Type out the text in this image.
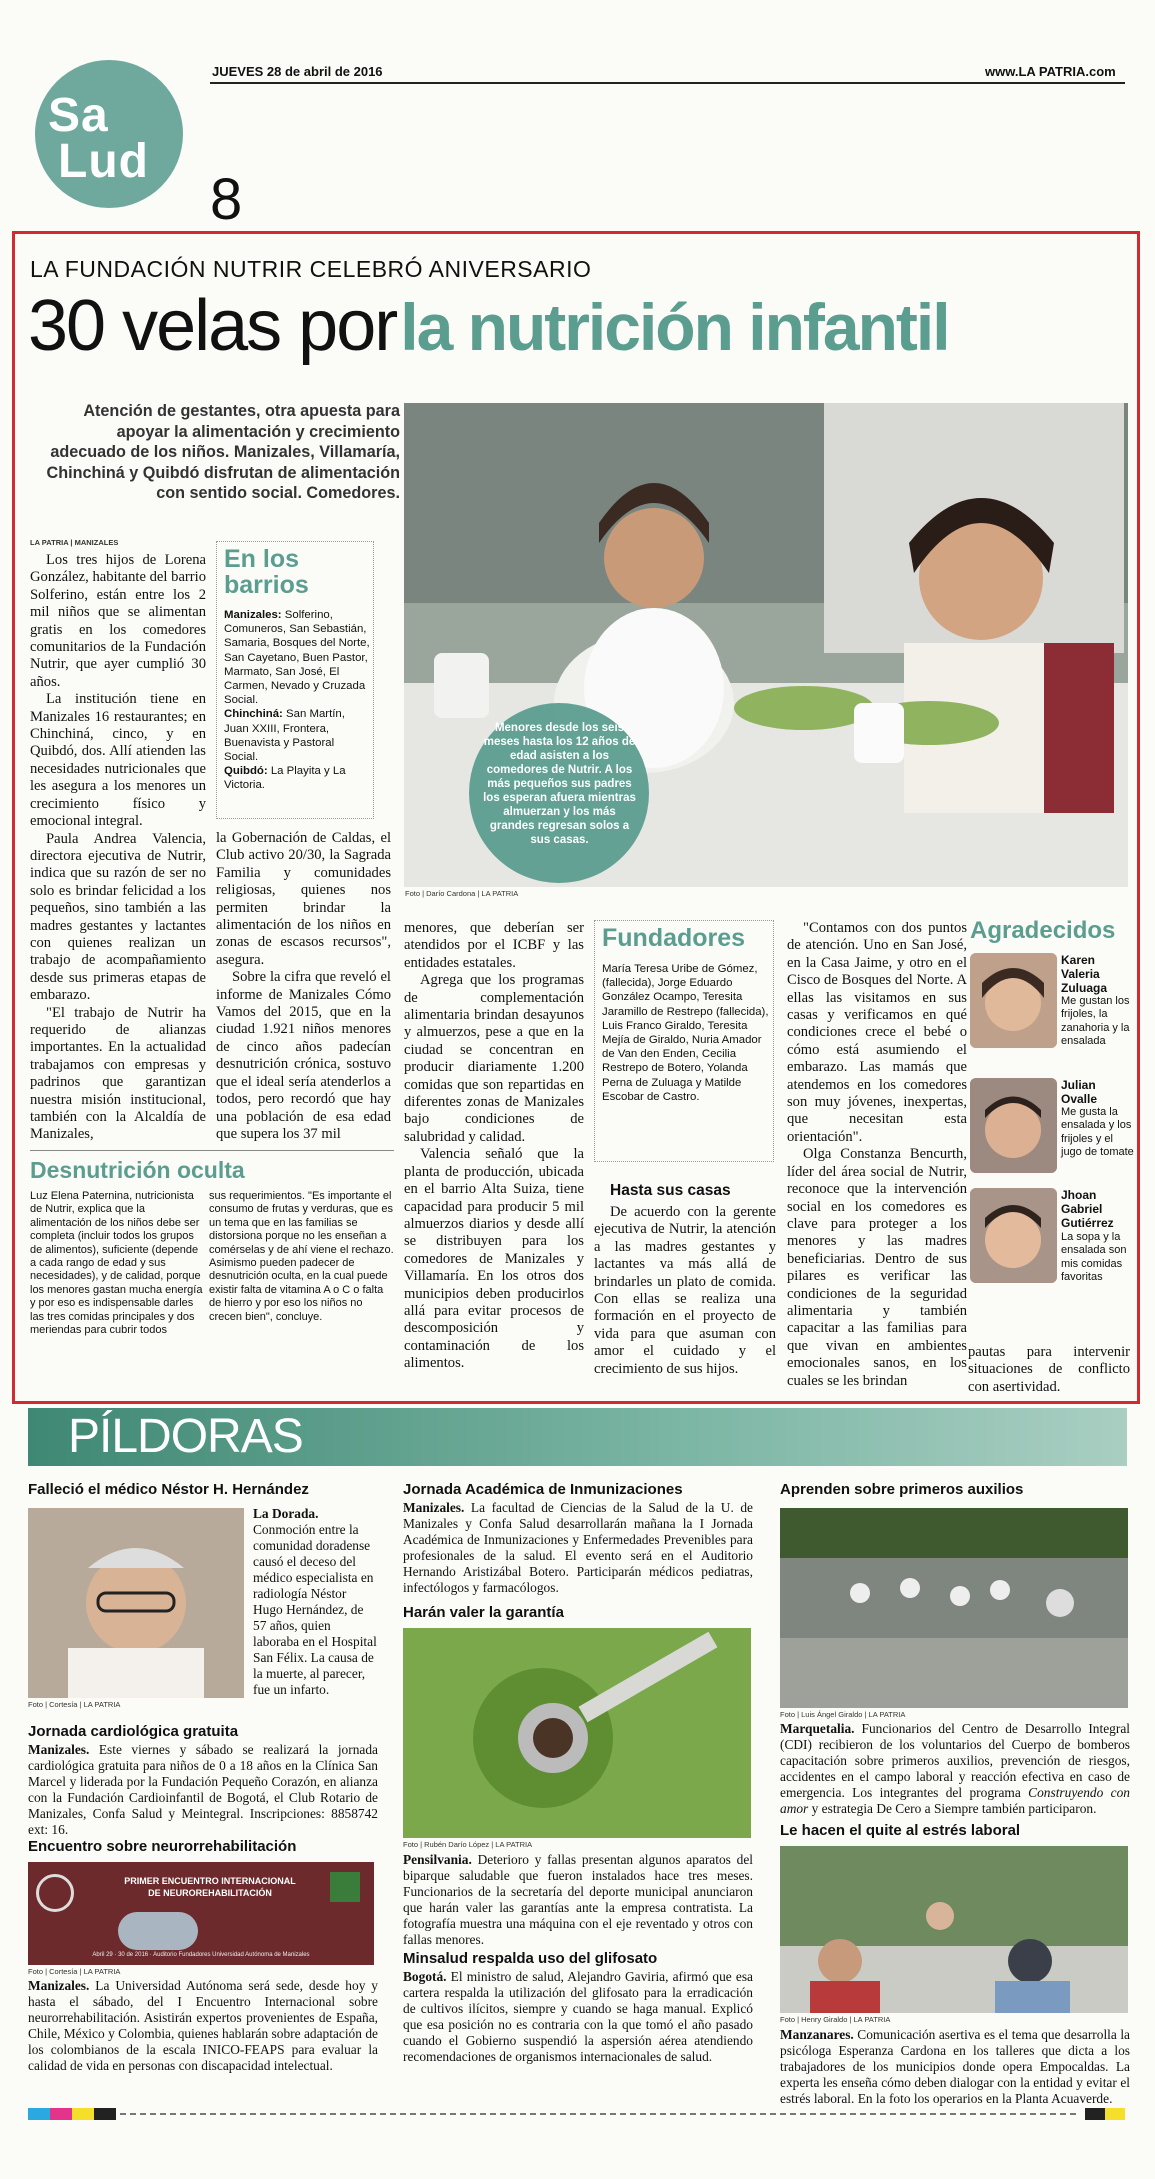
JUEVES 28 de abril de 2016	www.LA PATRIA.com
Sa
Lud
8
LA FUNDACIÓN NUTRIR CELEBRÓ ANIVERSARIO
30 velas por la nutrición infantil
Atención de gestantes, otra apuesta para apoyar la alimentación y crecimiento adecuado de los niños. Manizales, Villamaría, Chinchiná y Quibdó disfrutan de alimentación con sentido social. Comedores.
Menores desde los seis meses hasta los 12 años de edad asisten a los comedores de Nutrir. A los más pequeños sus padres los esperan afuera mientras almuerzan y los más grandes regresan solos a sus casas.
Foto | Darío Cardona | LA PATRIA
LA PATRIA | MANIZALES

Los tres hijos de Lorena González, habitante del barrio Solferino, están entre los 2 mil niños que se alimentan gratis en los comedores comunitarios de la Fundación Nutrir, que ayer cumplió 30 años.

La institución tiene en Manizales 16 restaurantes; en Chinchiná, cinco, y en Quibdó, dos. Allí atienden las necesidades nutricionales que les asegura a los menores un crecimiento físico y emocional integral.

Paula Andrea Valencia, directora ejecutiva de Nutrir, indica que su razón de ser no solo es brindar felicidad a los pequeños, sino también a las madres gestantes y lactantes con quienes realizan un trabajo de acompañamiento desde sus primeras etapas de embarazo.

"El trabajo de Nutrir ha requerido de alianzas importantes. En la actualidad trabajamos con empresas y padrinos que garantizan nuestra misión institucional, también con la Alcaldía de Manizales,

En los
barrios
Manizales: Solferino, Comuneros, San Sebastián, Samaria, Bosques del Norte, San Cayetano, Buen Pastor, Marmato, San José, El Carmen, Nevado y Cruzada Social.
Chinchiná: San Martín, Juan XXIII, Frontera, Buenavista y Pastoral Social.
Quibdó: La Playita y La Victoria.

la Gobernación de Caldas, el Club activo 20/30, la Sagrada Familia y comunidades religiosas, quienes nos permiten brindar la alimentación de los niños en zonas de escasos recursos", asegura.

Sobre la cifra que reveló el informe de Manizales Cómo Vamos del 2015, que en la ciudad 1.921 niños menores de cinco años padecían desnutrición crónica, sostuvo que el ideal sería atenderlos a todos, pero recordó que hay una población de esa edad que supera los 37 mil

Desnutrición oculta
Luz Elena Paternina, nutricionista de Nutrir, explica que la alimentación de los niños debe ser completa (incluir todos los grupos de alimentos), suficiente (depende a cada rango de edad y sus necesidades), y de calidad, porque los menores gastan mucha energía y por eso es indispensable darles las tres comidas principales y dos meriendas para cubrir todos
sus requerimientos. "Es importante el consumo de frutas y verduras, que es un tema que en las familias se distorsiona porque no les enseñan a comérselas y de ahí viene el rechazo. Asimismo pueden padecer de desnutrición oculta, en la cual puede existir falta de vitamina A o C o falta de hierro y por eso los niños no crecen bien", concluye.

menores, que deberían ser atendidos por el ICBF y las entidades estatales.

Agrega que los programas de complementación alimentaria brindan desayunos y almuerzos, pese a que en la ciudad se concentran en producir diariamente 1.200 comidas que son repartidas en diferentes zonas de Manizales bajo condiciones de salubridad y calidad.

Valencia señaló que la planta de producción, ubicada en el barrio Alta Suiza, tiene capacidad para producir 5 mil almuerzos diarios y desde allí se distribuyen para los comedores de Manizales y Villamaría. En los otros dos municipios deben producirlos allá para evitar procesos de descomposición y contaminación de los alimentos.

Fundadores
María Teresa Uribe de Gómez, (fallecida), Jorge Eduardo González Ocampo, Teresita Jaramillo de Restrepo (fallecida), Luis Franco Giraldo, Teresita Mejía de Giraldo, Nuria Amador de Van den Enden, Cecilia Restrepo de Botero, Yolanda Perna de Zuluaga y Matilde Escobar de Castro.
Hasta sus casas
De acuerdo con la gerente ejecutiva de Nutrir, la atención a las madres gestantes y lactantes va más allá de brindarles un plato de comida. Con ellas se realiza una formación en el proyecto de vida para que asuman con amor el cuidado y el crecimiento de sus hijos.

"Contamos con dos puntos de atención. Uno en San José, en la Casa Jaime, y otro en el Cisco de Bosques del Norte. A ellas las visitamos en sus casas y verificamos en qué condiciones crece el bebé o cómo está asumiendo el embarazo. Las mamás que atendemos en los comedores son muy jóvenes, inexpertas, que necesitan esta orientación".

Olga Constanza Bencurth, líder del área social de Nutrir, reconoce que la intervención social en los comedores es clave para proteger a los menores y las madres beneficiarias. Dentro de sus pilares es verificar las condiciones de la seguridad alimentaria y también capacitar a las familias para que vivan en ambientes emocionales sanos, en los cuales se les brindan

Agradecidos
Karen Valeria Zuluaga
Me gustan los frijoles, la zanahoria y la ensalada
Julian Ovalle
Me gusta la ensalada y los frijoles y el jugo de tomate
Jhoan Gabriel Gutiérrez
La sopa y la ensalada son mis comidas favoritas
pautas para intervenir situaciones de conflicto con asertividad.
PÍLDORAS
Falleció el médico Néstor H. Hernández
Foto | Cortesía | LA PATRIA
La Dorada. Conmoción entre la comunidad doradense causó el deceso del médico especialista en radiología Néstor Hugo Hernández, de 57 años, quien laboraba en el Hospital San Félix. La causa de la muerte, al parecer, fue un infarto.
Jornada cardiológica gratuita
Manizales. Este viernes y sábado se realizará la jornada cardiológica gratuita para niños de 0 a 18 años en la Clínica San Marcel y liderada por la Fundación Pequeño Corazón, en alianza con la Fundación Cardioinfantil de Bogotá, el Club Rotario de Manizales, Confa Salud y Meintegral. Inscripciones: 8858742 ext: 16.
Encuentro sobre neurorrehabilitación
PRIMER ENCUENTRO INTERNACIONAL
DE NEUROREHABILITACIÓN
Abril 29 · 30 de 2016 · Auditorio Fundadores Universidad Autónoma de Manizales
Foto | Cortesía | LA PATRIA
Manizales. La Universidad Autónoma será sede, desde hoy y hasta el sábado, del I Encuentro Internacional sobre neurorrehabilitación. Asistirán expertos provenientes de España, Chile, México y Colombia, quienes hablarán sobre adaptación de los colombianos de la escala INICO-FEAPS para evaluar la calidad de vida en personas con discapacidad intelectual.
Jornada Académica de Inmunizaciones
Manizales. La facultad de Ciencias de la Salud de la U. de Manizales y Confa Salud desarrollarán mañana la I Jornada Académica de Inmunizaciones y Enfermedades Prevenibles para profesionales de la salud. El evento será en el Auditorio Hernando Aristizábal Botero. Participarán médicos pediatras, infectólogos y farmacólogos.
Harán valer la garantía
Foto | Rubén Darío López | LA PATRIA
Pensilvania. Deterioro y fallas presentan algunos aparatos del biparque saludable que fueron instalados hace tres meses. Funcionarios de la secretaría del deporte municipal anunciaron que harán valer las garantías ante la empresa contratista. La fotografía muestra una máquina con el eje reventado y otros con fallas menores.
Minsalud respalda uso del glifosato
Bogotá. El ministro de salud, Alejandro Gaviria, afirmó que esa cartera respalda la utilización del glifosato para la erradicación de cultivos ilícitos, siempre y cuando se haga manual. Explicó que esa posición no es contraria con la que tomó el año pasado cuando el Gobierno suspendió la aspersión aérea atendiendo recomendaciones de organismos internacionales de salud.
Aprenden sobre primeros auxilios
Foto | Luis Ángel Giraldo | LA PATRIA
Marquetalia. Funcionarios del Centro de Desarrollo Integral (CDI) recibieron de los voluntarios del Cuerpo de bomberos capacitación sobre primeros auxilios, prevención de riesgos, accidentes en el campo laboral y reacción efectiva en caso de emergencia. Los integrantes del programa Construyendo con amor y estrategia De Cero a Siempre también participaron.
Le hacen el quite al estrés laboral
Foto | Henry Giraldo | LA PATRIA
Manzanares. Comunicación asertiva es el tema que desarrolla la psicóloga Esperanza Cardona en los talleres que dicta a los trabajadores de los municipios donde opera Empocaldas. La experta les enseña cómo deben dialogar con la entidad y evitar el estrés laboral. En la foto los operarios en la Planta Acuaverde.
